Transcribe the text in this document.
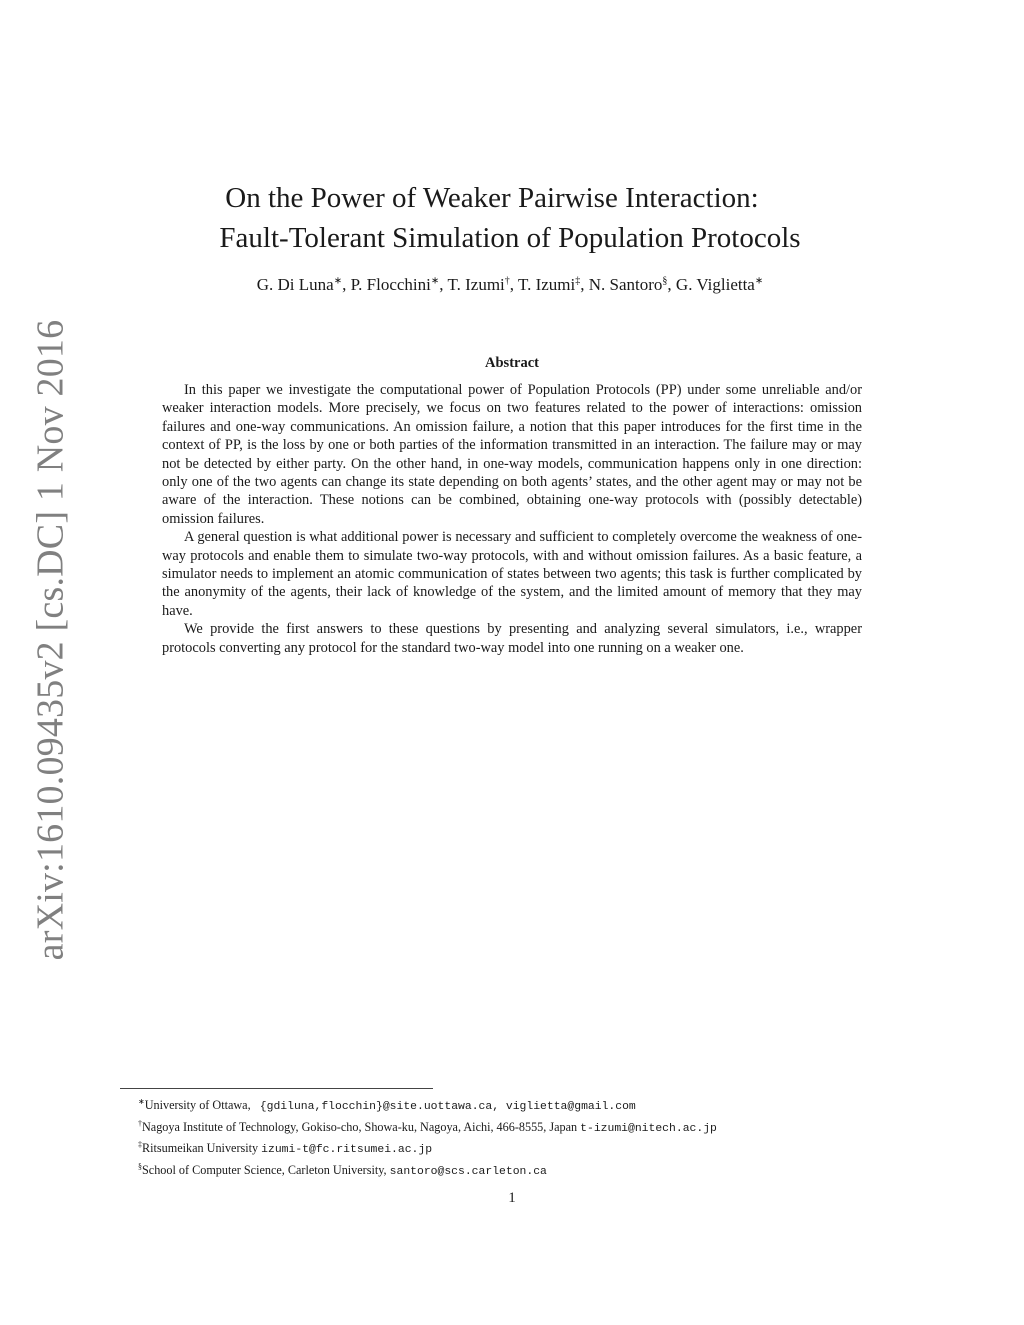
arXiv:1610.09435v2 [cs.DC] 1 Nov 2016
On the Power of Weaker Pairwise Interaction:
Fault-Tolerant Simulation of Population Protocols
G. Di Luna∗, P. Flocchini∗, T. Izumi†, T. Izumi‡, N. Santoro§, G. Viglietta∗
Abstract

In this paper we investigate the computational power of Population Protocols (PP) under some unreliable and/or weaker interaction models. More precisely, we focus on two features related to the power of interactions: omission failures and one-way communications. An omission failure, a notion that this paper introduces for the first time in the context of PP, is the loss by one or both parties of the information transmitted in an interaction. The failure may or may not be detected by either party. On the other hand, in one-way models, communication happens only in one direction: only one of the two agents can change its state depending on both agents’ states, and the other agent may or may not be aware of the interaction. These notions can be combined, obtaining one-way protocols with (possibly detectable) omission failures.

A general question is what additional power is necessary and sufficient to completely overcome the weakness of one-way protocols and enable them to simulate two-way protocols, with and without omission failures. As a basic feature, a simulator needs to implement an atomic communication of states between two agents; this task is further complicated by the anonymity of the agents, their lack of knowledge of the system, and the limited amount of memory that they may have.

We provide the first answers to these questions by presenting and analyzing several simulators, i.e., wrapper protocols converting any protocol for the standard two-way model into one running on a weaker one.

∗University of Ottawa, {gdiluna,flocchin}@site.uottawa.ca, viglietta@gmail.com
†Nagoya Institute of Technology, Gokiso-cho, Showa-ku, Nagoya, Aichi, 466-8555, Japan t-izumi@nitech.ac.jp
‡Ritsumeikan University izumi-t@fc.ritsumei.ac.jp
§School of Computer Science, Carleton University, santoro@scs.carleton.ca
1
